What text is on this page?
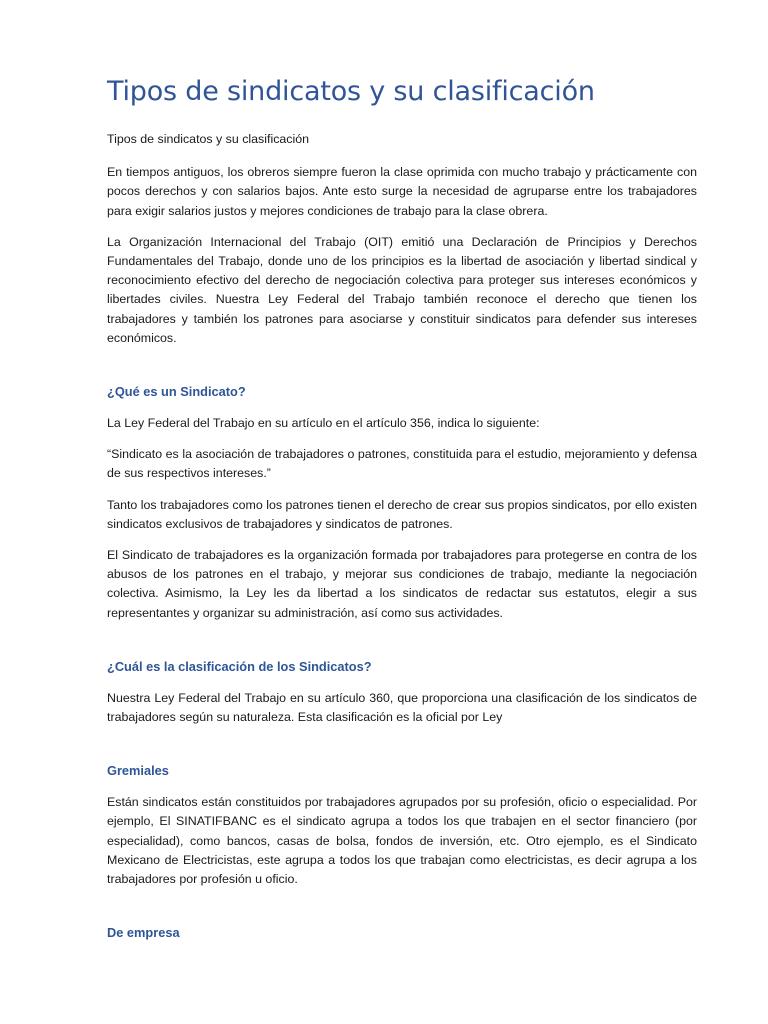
Tipos de sindicatos y su clasificación

Tipos de sindicatos y su clasificación

En tiempos antiguos, los obreros siempre fueron la clase oprimida con mucho trabajo y prácticamente con pocos derechos y con salarios bajos. Ante esto surge la necesidad de agruparse entre los trabajadores para exigir salarios justos y mejores condiciones de trabajo para la clase obrera.

La Organización Internacional del Trabajo (OIT) emitió una Declaración de Principios y Derechos Fundamentales del Trabajo, donde uno de los principios es la libertad de asociación y libertad sindical y reconocimiento efectivo del derecho de negociación colectiva para proteger sus intereses económicos y libertades civiles. Nuestra Ley Federal del Trabajo también reconoce el derecho que tienen los trabajadores y también los patrones para asociarse y constituir sindicatos para defender sus intereses económicos.

¿Qué es un Sindicato?

La Ley Federal del Trabajo en su artículo en el artículo 356, indica lo siguiente:

“Sindicato es la asociación de trabajadores o patrones, constituida para el estudio, mejoramiento y defensa de sus respectivos intereses.”

Tanto los trabajadores como los patrones tienen el derecho de crear sus propios sindicatos, por ello existen sindicatos exclusivos de trabajadores y sindicatos de patrones.

El Sindicato de trabajadores es la organización formada por trabajadores para protegerse en contra de los abusos de los patrones en el trabajo, y mejorar sus condiciones de trabajo, mediante la negociación colectiva. Asimismo, la Ley les da libertad a los sindicatos de redactar sus estatutos, elegir a sus representantes y organizar su administración, así como sus actividades.

¿Cuál es la clasificación de los Sindicatos?

Nuestra Ley Federal del Trabajo en su artículo 360, que proporciona una clasificación de los sindicatos de trabajadores según su naturaleza. Esta clasificación es la oficial por Ley

Gremiales

Están sindicatos están constituidos por trabajadores agrupados por su profesión, oficio o especialidad. Por ejemplo, El SINATIFBANC es el sindicato agrupa a todos los que trabajen en el sector financiero (por especialidad), como bancos, casas de bolsa, fondos de inversión, etc. Otro ejemplo, es el Sindicato Mexicano de Electricistas, este agrupa a todos los que trabajan como electricistas, es decir agrupa a los trabajadores por profesión u oficio.

De empresa
